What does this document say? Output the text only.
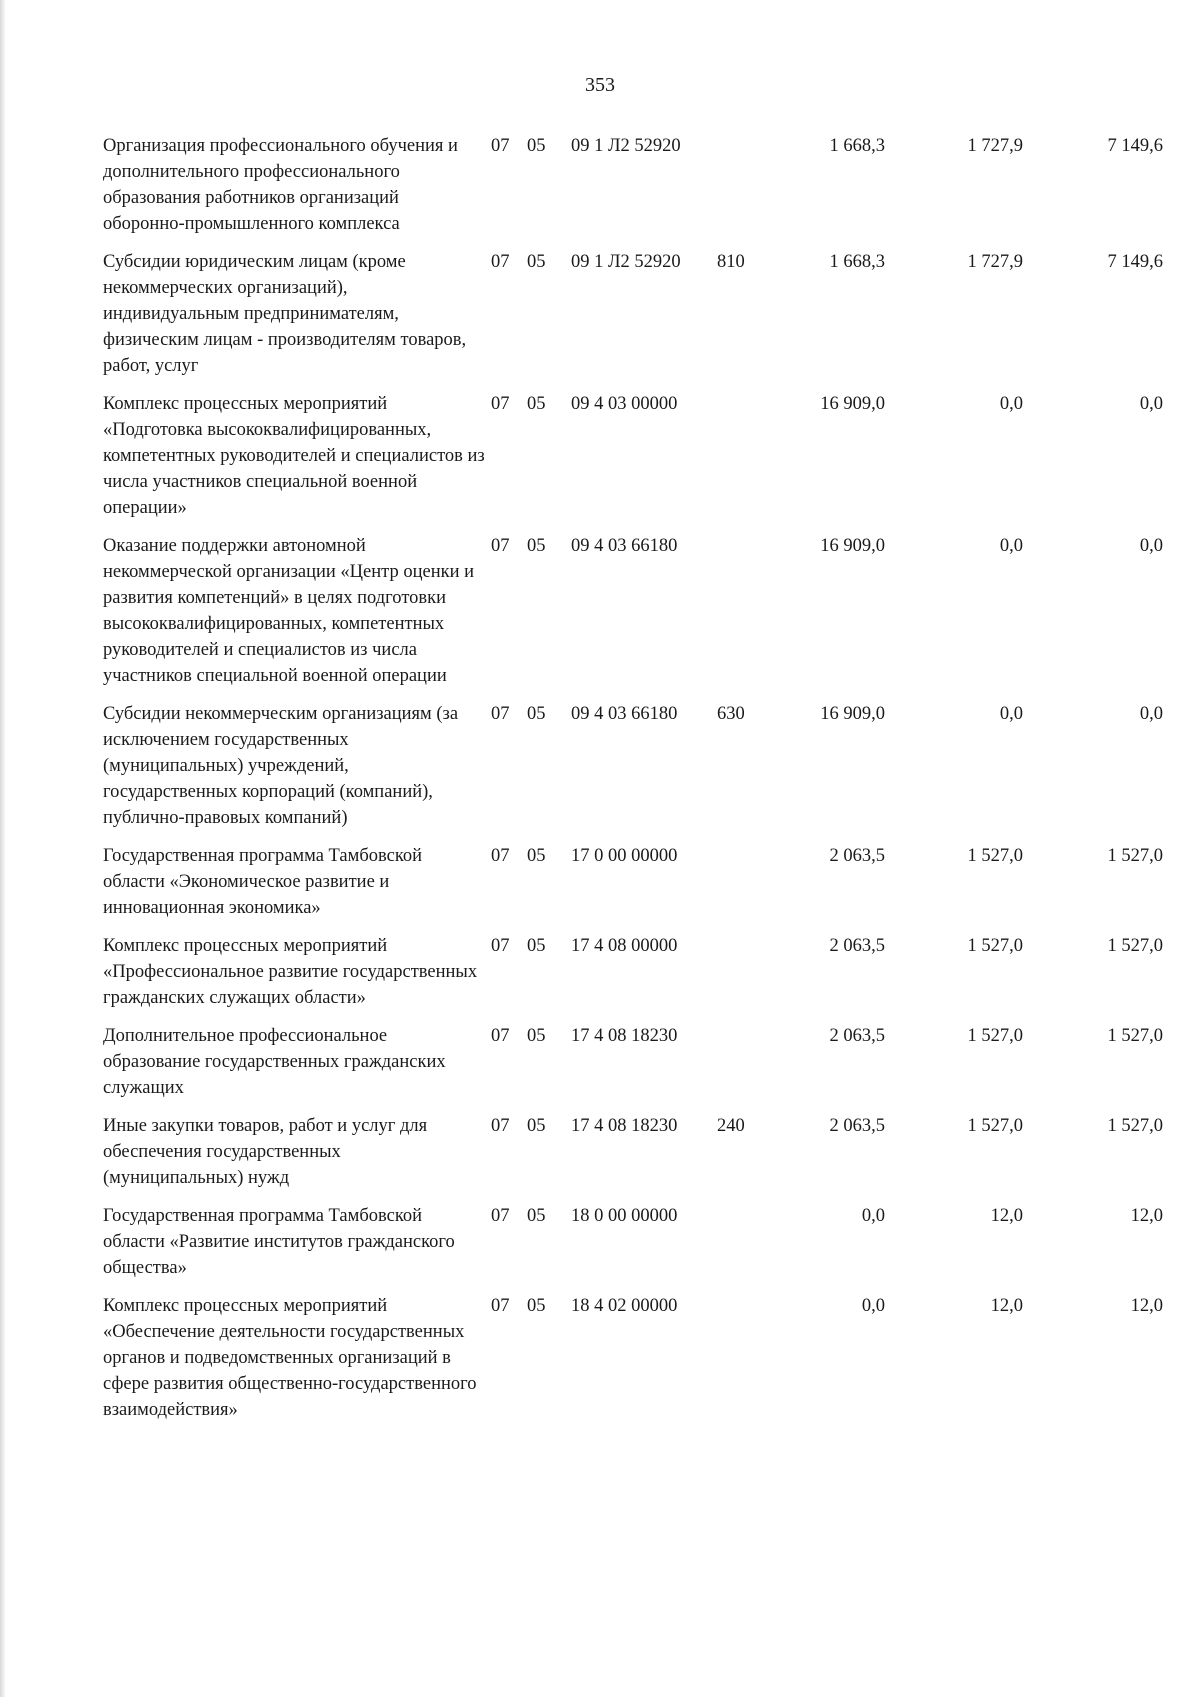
353
Организация профессионального обучения и дополнительного профессионального образования работников организаций оборонно-промышленного комплекса
07 05	09 1 Л2 52920	1 668,3	1 727,9	7 149,6
Субсидии юридическим лицам (кроме некоммерческих организаций), индивидуальным предпринимателям, физическим лицам - производителям товаров, работ, услуг
07 05	09 1 Л2 52920	810	1 668,3	1 727,9	7 149,6
Комплекс процессных мероприятий «Подготовка высококвалифицированных, компетентных руководителей и специалистов из числа участников специальной военной операции»
07 05	09 4 03 00000	16 909,0	0,0	0,0
Оказание поддержки автономной некоммерческой организации «Центр оценки и развития компетенций» в целях подготовки высококвалифицированных, компетентных руководителей и специалистов из числа участников специальной военной операции
07 05	09 4 03 66180	16 909,0	0,0	0,0
Субсидии некоммерческим организациям (за исключением государственных (муниципальных) учреждений, государственных корпораций (компаний), публично-правовых компаний)
07 05	09 4 03 66180	630	16 909,0	0,0	0,0
Государственная программа Тамбовской области «Экономическое развитие и инновационная экономика»
07 05	17 0 00 00000	2 063,5	1 527,0	1 527,0
Комплекс процессных мероприятий «Профессиональное развитие государственных гражданских служащих области»
07 05	17 4 08 00000	2 063,5	1 527,0	1 527,0
Дополнительное профессиональное образование государственных гражданских служащих
07 05	17 4 08 18230	2 063,5	1 527,0	1 527,0
Иные закупки товаров, работ и услуг для обеспечения государственных (муниципальных) нужд
07 05	17 4 08 18230	240	2 063,5	1 527,0	1 527,0
Государственная программа Тамбовской области «Развитие институтов гражданского общества»
07 05	18 0 00 00000	0,0	12,0	12,0
Комплекс процессных мероприятий «Обеспечение деятельности государственных органов и подведомственных организаций в сфере развития общественно-государственного взаимодействия»
07 05	18 4 02 00000	0,0	12,0	12,0
